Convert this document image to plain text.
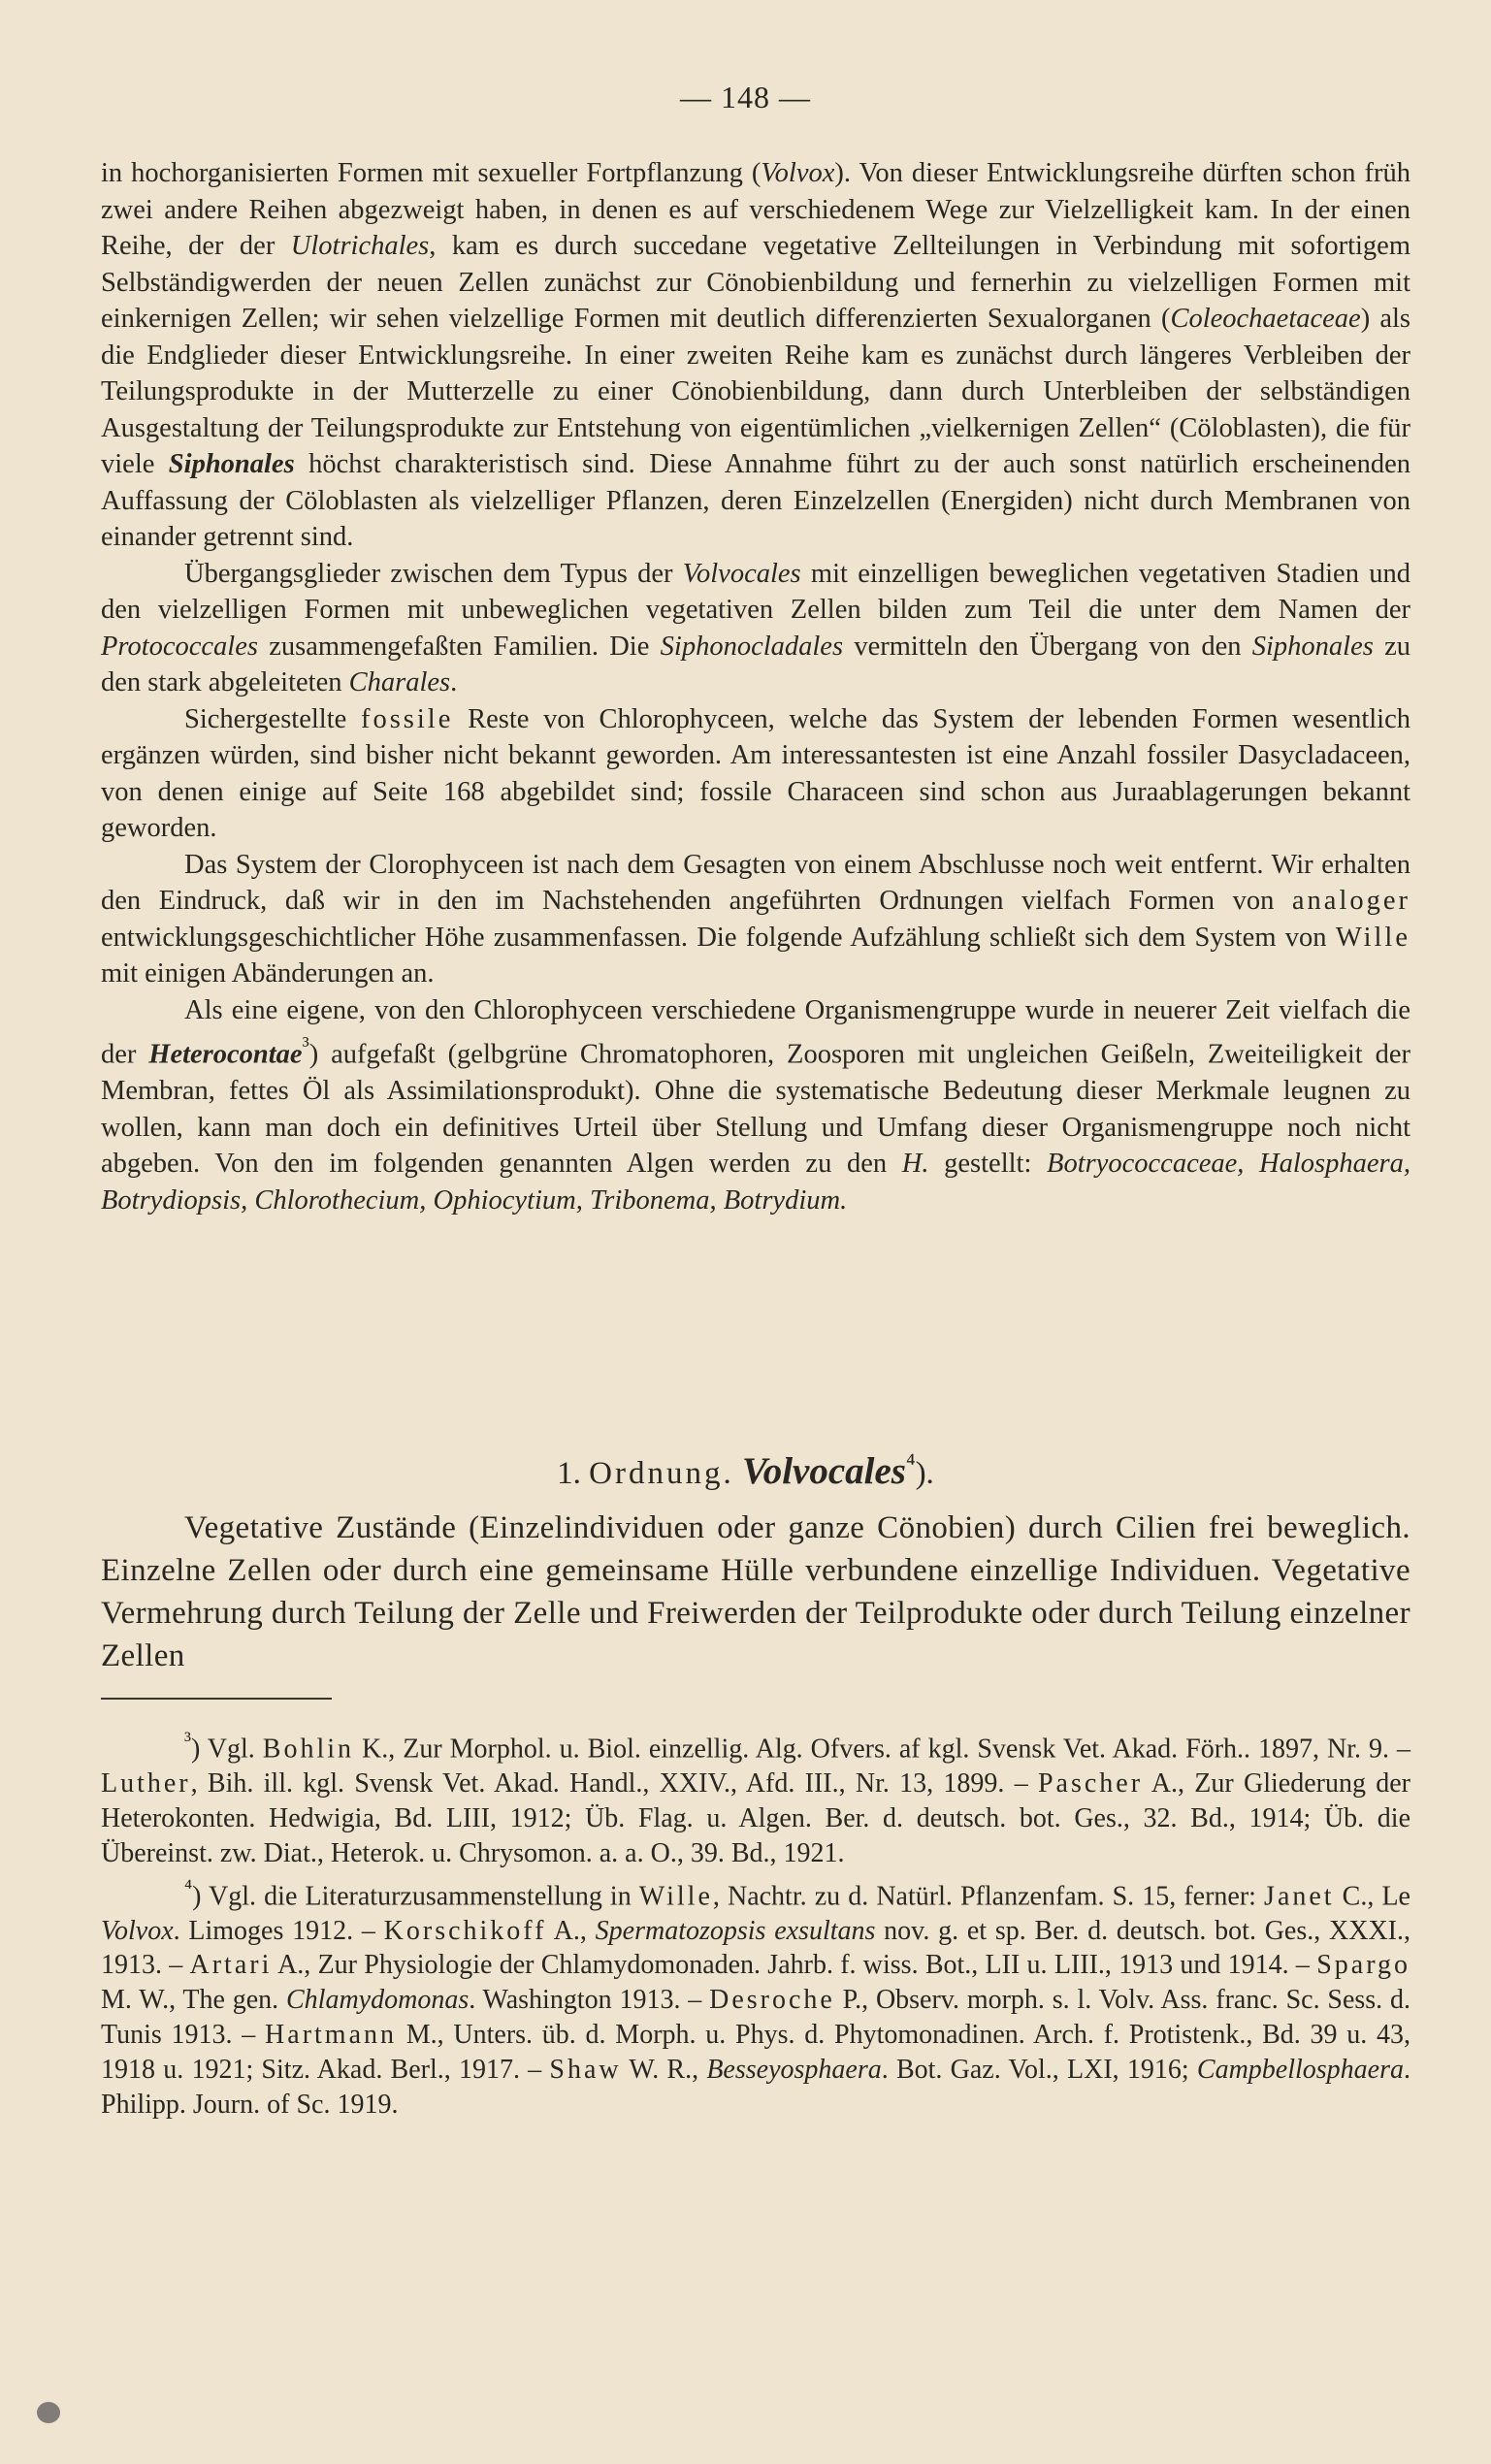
— 148 —

in hochorganisierten Formen mit sexueller Fortpflanzung (Volvox). Von dieser Entwicklungsreihe dürften schon früh zwei andere Reihen abgezweigt haben, in denen es auf verschiedenem Wege zur Vielzelligkeit kam. In der einen Reihe, der der Ulotrichales, kam es durch succedane vegetative Zellteilungen in Verbindung mit sofortigem Selbständigwerden der neuen Zellen zunächst zur Cönobienbildung und fernerhin zu vielzelligen Formen mit einkernigen Zellen; wir sehen vielzellige Formen mit deutlich differenzierten Sexualorganen (Coleochaetaceae) als die Endglieder dieser Entwicklungsreihe. In einer zweiten Reihe kam es zunächst durch längeres Verbleiben der Teilungsprodukte in der Mutterzelle zu einer Cönobienbildung, dann durch Unterbleiben der selbständigen Ausgestaltung der Teilungsprodukte zur Entstehung von eigentümlichen „vielkernigen Zellen“ (Cöloblasten), die für viele Siphonales höchst charakteristisch sind. Diese Annahme führt zu der auch sonst natürlich erscheinenden Auffassung der Cöloblasten als vielzelliger Pflanzen, deren Einzelzellen (Energiden) nicht durch Membranen von einander getrennt sind.

Übergangsglieder zwischen dem Typus der Volvocales mit einzelligen beweglichen vegetativen Stadien und den vielzelligen Formen mit unbeweglichen vegetativen Zellen bilden zum Teil die unter dem Namen der Protococcales zusammengefaßten Familien. Die Siphonocladales vermitteln den Übergang von den Siphonales zu den stark abgeleiteten Charales.

Sichergestellte fossile Reste von Chlorophyceen, welche das System der lebenden Formen wesentlich ergänzen würden, sind bisher nicht bekannt geworden. Am interessantesten ist eine Anzahl fossiler Dasycladaceen, von denen einige auf Seite 168 abgebildet sind; fossile Characeen sind schon aus Juraablagerungen bekannt geworden.

Das System der Clorophyceen ist nach dem Gesagten von einem Abschlusse noch weit entfernt. Wir erhalten den Eindruck, daß wir in den im Nachstehenden angeführten Ordnungen vielfach Formen von analoger entwicklungsgeschichtlicher Höhe zusammenfassen. Die folgende Aufzählung schließt sich dem System von Wille mit einigen Abänderungen an.

Als eine eigene, von den Chlorophyceen verschiedene Organismengruppe wurde in neuerer Zeit vielfach die der Heterocontae$^{^3}$) aufgefaßt (gelbgrüne Chromatophoren, Zoosporen mit ungleichen Geißeln, Zweiteiligkeit der Membran, fettes Öl als Assimilationsprodukt). Ohne die systematische Bedeutung dieser Merkmale leugnen zu wollen, kann man doch ein definitives Urteil über Stellung und Umfang dieser Organismengruppe noch nicht abgeben. Von den im folgenden genannten Algen werden zu den H. gestellt: Botryococcaceae, Halosphaera, Botrydiopsis, Chlorothecium, Ophiocytium, Tribonema, Botrydium.

1. Ordnung. Volvocales$^{^4}$).

Vegetative Zustände (Einzelindividuen oder ganze Cönobien) durch Cilien frei beweglich. Einzelne Zellen oder durch eine gemeinsame Hülle verbundene einzellige Individuen. Vegetative Vermehrung durch Teilung der Zelle und Freiwerden der Teilprodukte oder durch Teilung einzelner Zellen

$^{^3}$) Vgl. Bohlin K., Zur Morphol. u. Biol. einzellig. Alg. Ofvers. af kgl. Svensk Vet. Akad. Förh.. 1897, Nr. 9. – Luther, Bih. ill. kgl. Svensk Vet. Akad. Handl., XXIV., Afd. III., Nr. 13, 1899. – Pascher A., Zur Gliederung der Heterokonten. Hedwigia, Bd. LIII, 1912; Üb. Flag. u. Algen. Ber. d. deutsch. bot. Ges., 32. Bd., 1914; Üb. die Übereinst. zw. Diat., Heterok. u. Chrysomon. a. a. O., 39. Bd., 1921.

$^{^4}$) Vgl. die Literaturzusammenstellung in Wille, Nachtr. zu d. Natürl. Pflanzenfam. S. 15, ferner: Janet C., Le Volvox. Limoges 1912. – Korschikoff A., Spermatozopsis exsultans nov. g. et sp. Ber. d. deutsch. bot. Ges., XXXI., 1913. – Artari A., Zur Physiologie der Chlamydomonaden. Jahrb. f. wiss. Bot., LII u. LIII., 1913 und 1914. – Spargo M. W., The gen. Chlamydomonas. Washington 1913. – Desroche P., Observ. morph. s. l. Volv. Ass. franc. Sc. Sess. d. Tunis 1913. – Hartmann M., Unters. üb. d. Morph. u. Phys. d. Phytomonadinen. Arch. f. Protistenk., Bd. 39 u. 43, 1918 u. 1921; Sitz. Akad. Berl., 1917. – Shaw W. R., Besseyosphaera. Bot. Gaz. Vol., LXI, 1916; Campbellosphaera. Philipp. Journ. of Sc. 1919.
